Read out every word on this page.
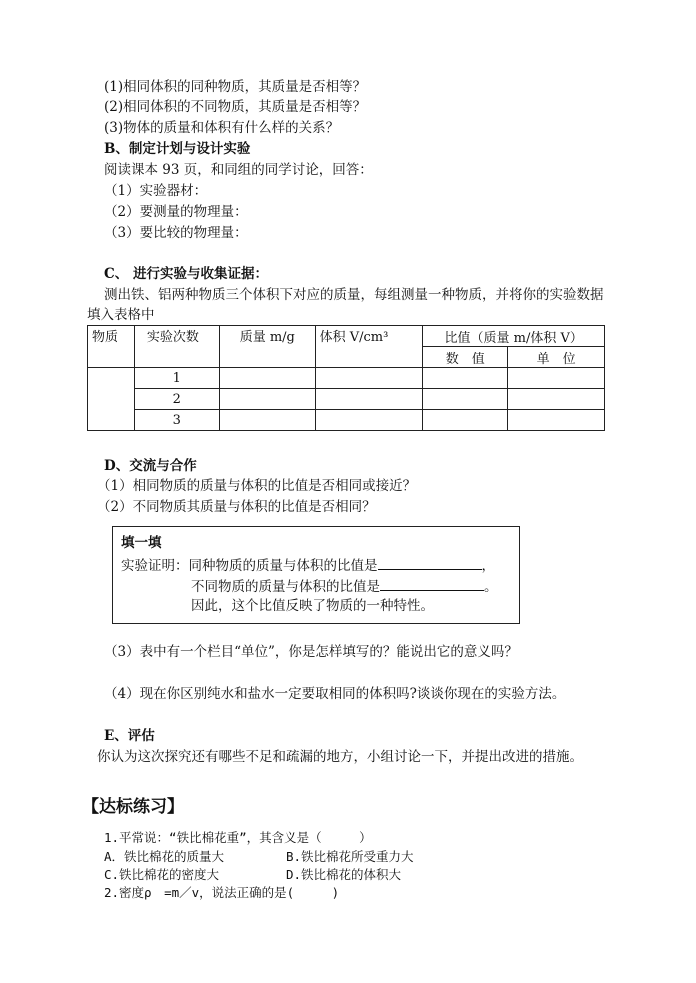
(1)相同体积的同种物质，其质量是否相等？
(2)相同体积的不同物质，其质量是否相等？
(3)物体的质量和体积有什么样的关系？
B、制定计划与设计实验
阅读课本 93 页，和同组的同学讨论，回答：
（1）实验器材：
（2）要测量的物理量：
（3）要比较的物理量：
C、 进行实验与收集证据：
测出铁、铝两种物质三个体积下对应的质量，每组测量一种物质，并将你的实验数据
填入表格中
物质	实验次数	质量 m/g	体积 V/cm³	比值（质量 m/体积 V）	
				数　值	单　位
	1				
	2				
	3				
D、交流与合作
（1）相同物质的质量与体积的比值是否相同或接近？
（2）不同物质其质量与体积的比值是否相同？
填一填
实验证明：同种物质的质量与体积的比值是	，
不同物质的质量与体积的比值是	。
因此，这个比值反映了物质的一种特性。
（3）表中有一个栏目“单位”，你是怎样填写的？能说出它的意义吗？
（4）现在你区别纯水和盐水一定要取相同的体积吗?谈谈你现在的实验方法。
E、评估
你认为这次探究还有哪些不足和疏漏的地方，小组讨论一下，并提出改进的措施。
【达标练习】
1.平常说：“铁比棉花重”，其含义是（　　　）
A．铁比棉花的质量大	B.铁比棉花所受重力大
C.铁比棉花的密度大	D.铁比棉花的体积大
2.密度ρ　=m／v，说法正确的是(　　　)
